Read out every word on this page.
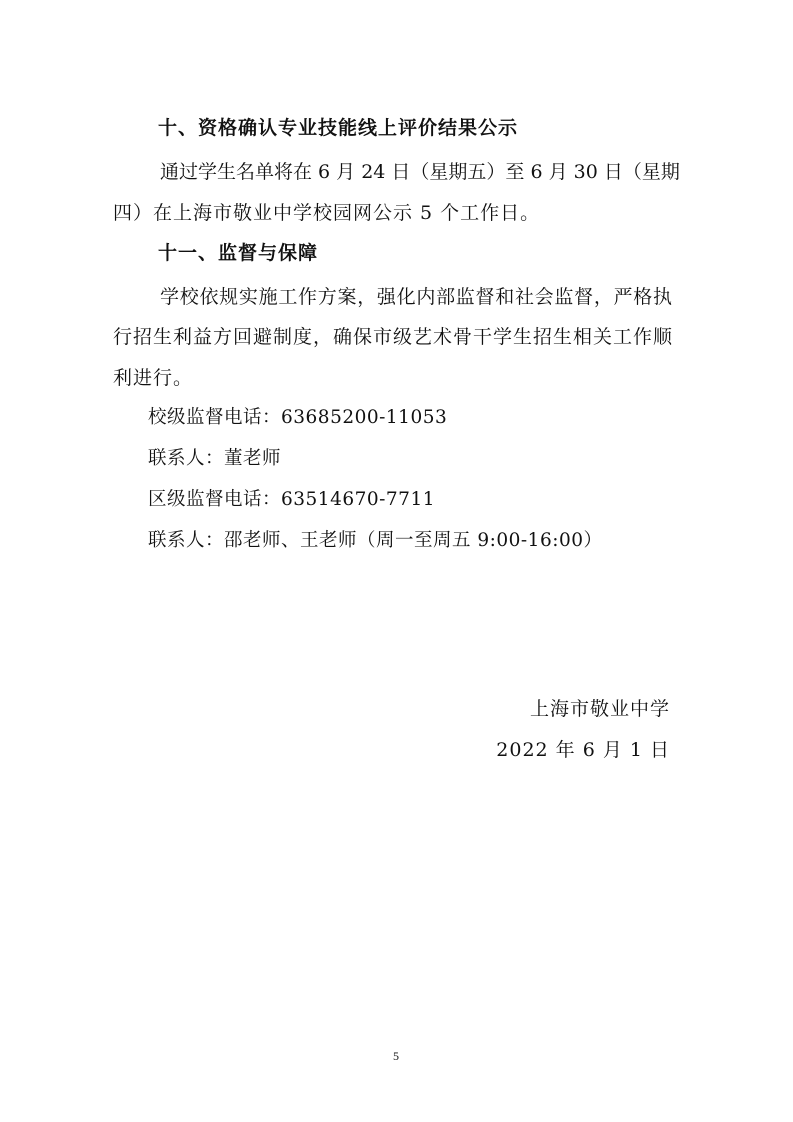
十、资格确认专业技能线上评价结果公示
通过学生名单将在 6 月 24 日（星期五）至 6 月 30 日（星期
四）在上海市敬业中学校园网公示 5 个工作日。
十一、监督与保障
学校依规实施工作方案，强化内部监督和社会监督，严格执
行招生利益方回避制度，确保市级艺术骨干学生招生相关工作顺
利进行。
校级监督电话：63685200-11053
联系人：董老师
区级监督电话：63514670-7711
联系人：邵老师、王老师（周一至周五 9:00-16:00）
上海市敬业中学
2022 年 6 月 1 日
5
